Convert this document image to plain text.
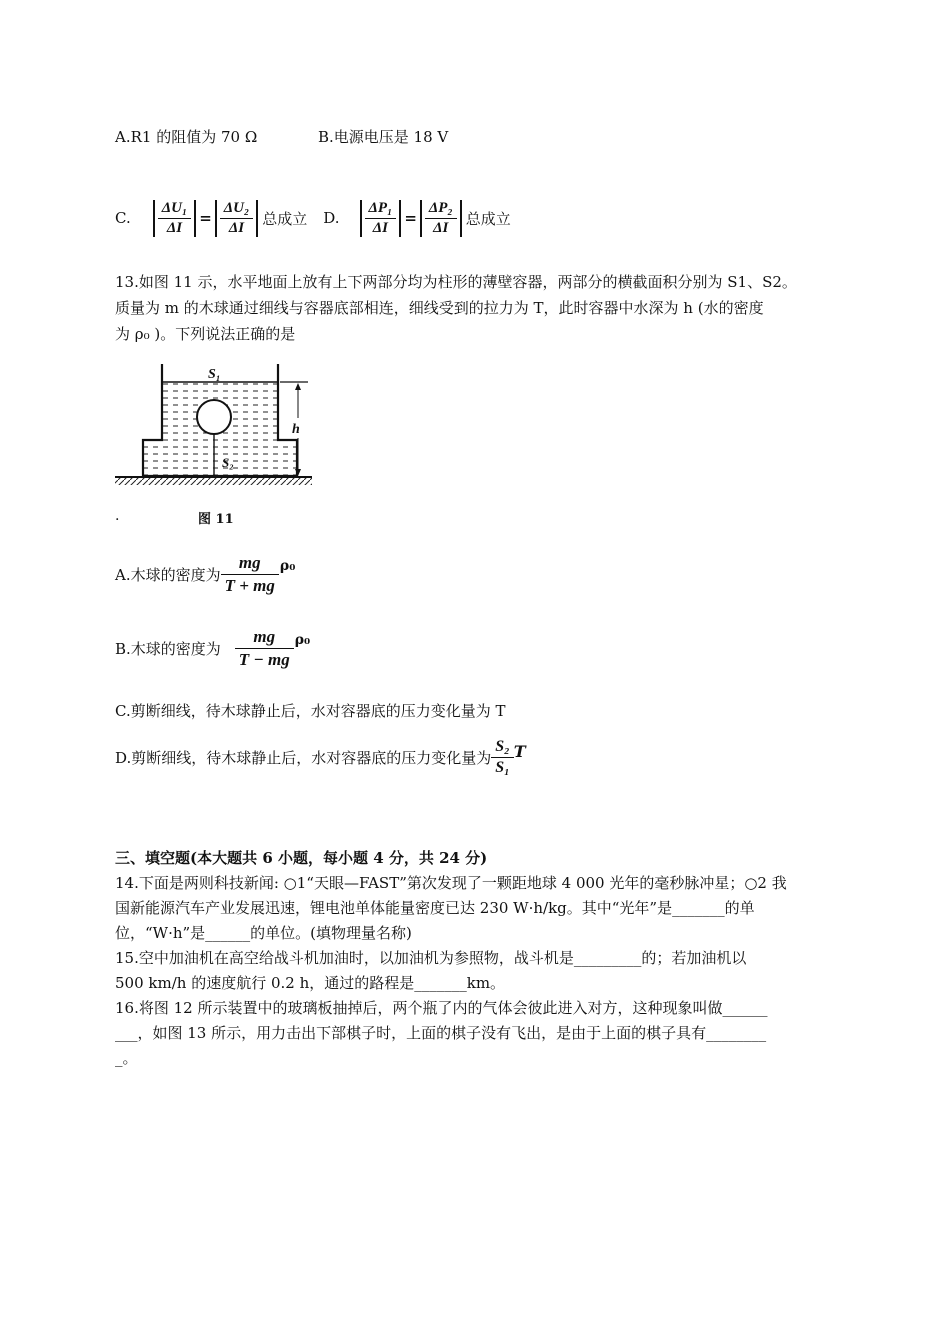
A.R1 的阻值为 70 Ω	B.电源电压是 18 V
C. $\frac{\text{ΔU₁}}{\Delta I} = \frac{\text{ΔU₂}}{\Delta I}$ 总成立 D. $\frac{\text{ΔP₁}}{\Delta I} = \frac{\text{ΔP₂}}{\Delta I}$ 总成立
13.如图 11 示，水平地面上放有上下两部分均为柱形的薄壁容器，两部分的横截面积分别为 S1、S2。
质量为 m 的木球通过细线与容器底部相连，细线受到的拉力为 T，此时容器中水深为 h (水的密度
为 ρ₀ )。下列说法正确的是
S₁
S₂
h
.	图 11
A.木球的密度为 $\frac{mg}{T + mg} \rho_0$
B.木球的密度为 $\frac{mg}{T - mg} \rho_0$
C.剪断细线，待木球静止后，水对容器底的压力变化量为 T
D.剪断细线，待木球静止后，水对容器底的压力变化量为 $\frac{\text{S₂}}{\text{S₁}}$ T
三、填空题(本大题共 6 小题，每小题 4 分，共 24 分)
14.下面是两则科技新闻: ○1“天眼—FAST”第次发现了一颗距地球 4 000 光年的毫秒脉冲星；○2 我
国新能源汽车产业发展迅速，锂电池单体能量密度已达 230 W·h/kg。其中“光年”是_______的单
位，“W·h”是______的单位。(填物理量名称)
15.空中加油机在高空给战斗机加油时，以加油机为参照物，战斗机是_________的；若加油机以
500 km/h 的速度航行 0.2 h，通过的路程是_______km。
16.将图 12 所示装置中的玻璃板抽掉后，两个瓶了内的气体会彼此进入对方，这种现象叫做______
___，如图 13 所示，用力击出下部棋子时，上面的棋子没有飞出，是由于上面的棋子具有________
_。
